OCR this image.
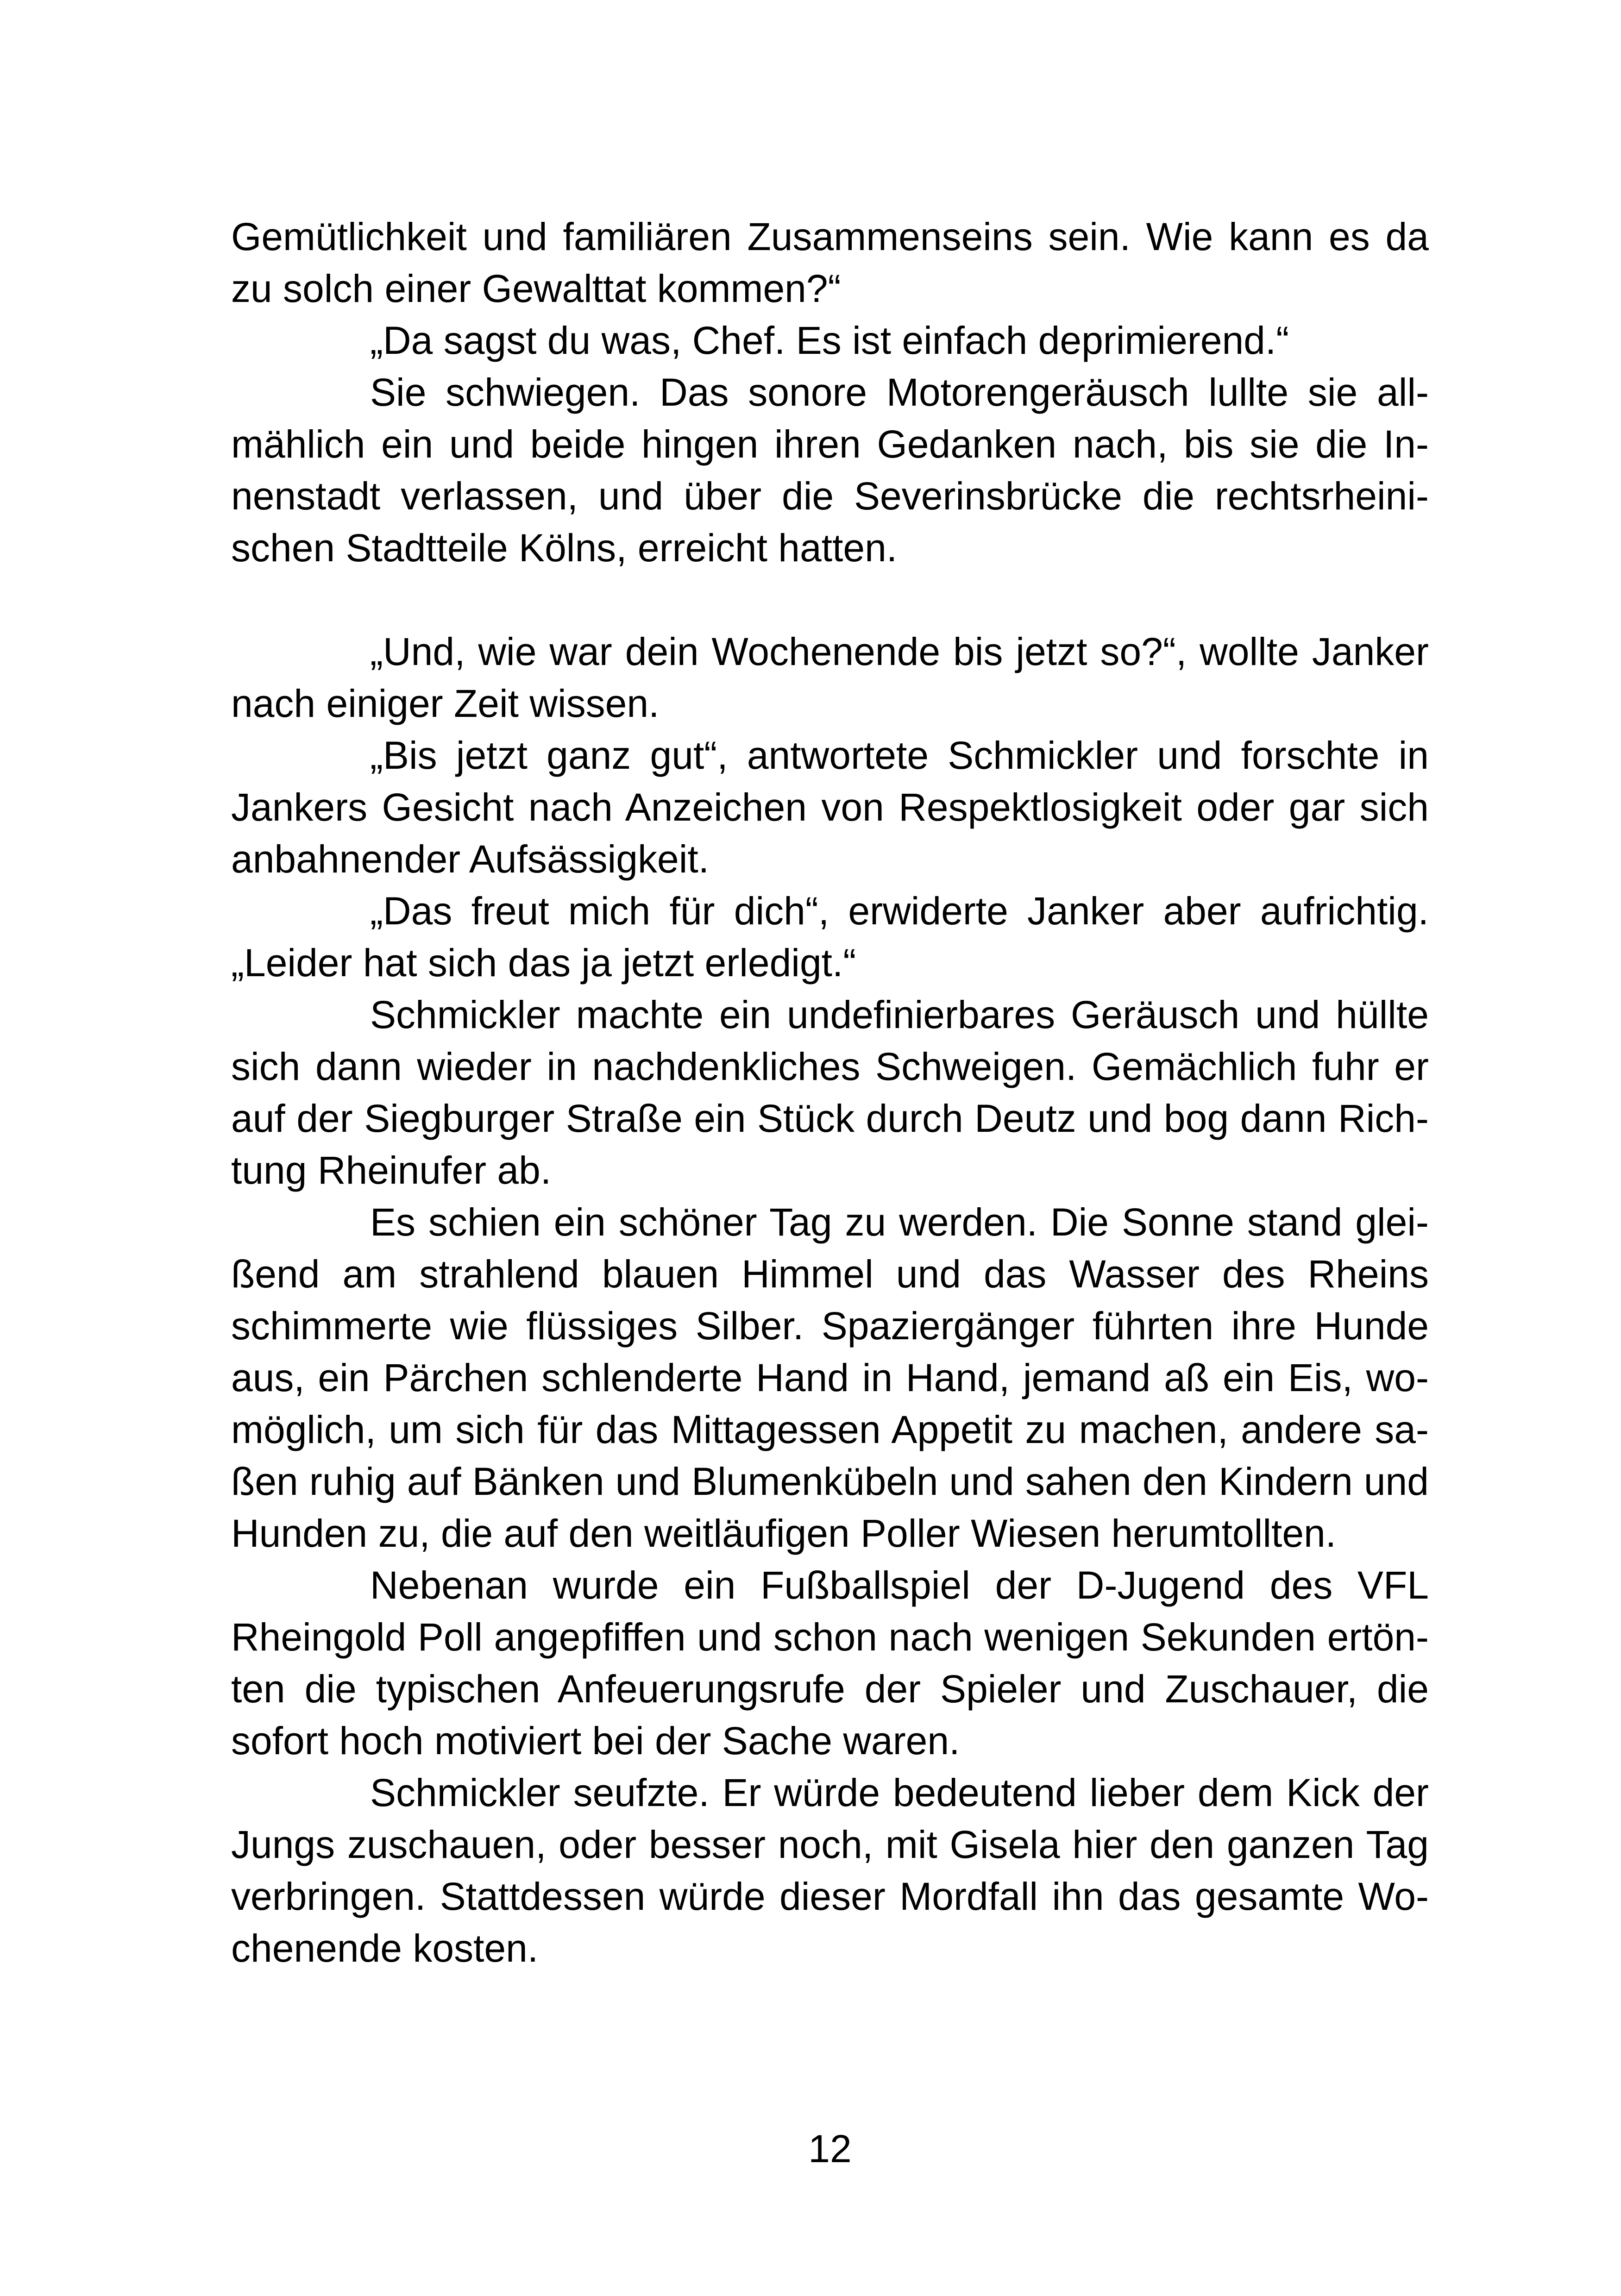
Gemütlichkeit und familiären Zusammenseins sein. Wie kann es da
zu solch einer Gewalttat kommen?“
„Da sagst du was, Chef. Es ist einfach deprimierend.“
Sie schwiegen. Das sonore Motorengeräusch lullte sie all-
mählich ein und beide hingen ihren Gedanken nach, bis sie die In-
nenstadt verlassen, und über die Severinsbrücke die rechtsrheini-
schen Stadtteile Kölns, erreicht hatten.
„Und, wie war dein Wochenende bis jetzt so?“, wollte Janker
nach einiger Zeit wissen.
„Bis jetzt ganz gut“, antwortete Schmickler und forschte in
Jankers Gesicht nach Anzeichen von Respektlosigkeit oder gar sich
anbahnender Aufsässigkeit.
„Das freut mich für dich“, erwiderte Janker aber aufrichtig.
„Leider hat sich das ja jetzt erledigt.“
Schmickler machte ein undefinierbares Geräusch und hüllte
sich dann wieder in nachdenkliches Schweigen. Gemächlich fuhr er
auf der Siegburger Straße ein Stück durch Deutz und bog dann Rich-
tung Rheinufer ab.
Es schien ein schöner Tag zu werden. Die Sonne stand glei-
ßend am strahlend blauen Himmel und das Wasser des Rheins
schimmerte wie flüssiges Silber. Spaziergänger führten ihre Hunde
aus, ein Pärchen schlenderte Hand in Hand, jemand aß ein Eis, wo-
möglich, um sich für das Mittagessen Appetit zu machen, andere sa-
ßen ruhig auf Bänken und Blumenkübeln und sahen den Kindern und
Hunden zu, die auf den weitläufigen Poller Wiesen herumtollten.
Nebenan wurde ein Fußballspiel der D-Jugend des VFL
Rheingold Poll angepfiffen und schon nach wenigen Sekunden ertön-
ten die typischen Anfeuerungsrufe der Spieler und Zuschauer, die
sofort hoch motiviert bei der Sache waren.
Schmickler seufzte. Er würde bedeutend lieber dem Kick der
Jungs zuschauen, oder besser noch, mit Gisela hier den ganzen Tag
verbringen. Stattdessen würde dieser Mordfall ihn das gesamte Wo-
chenende kosten.
12
